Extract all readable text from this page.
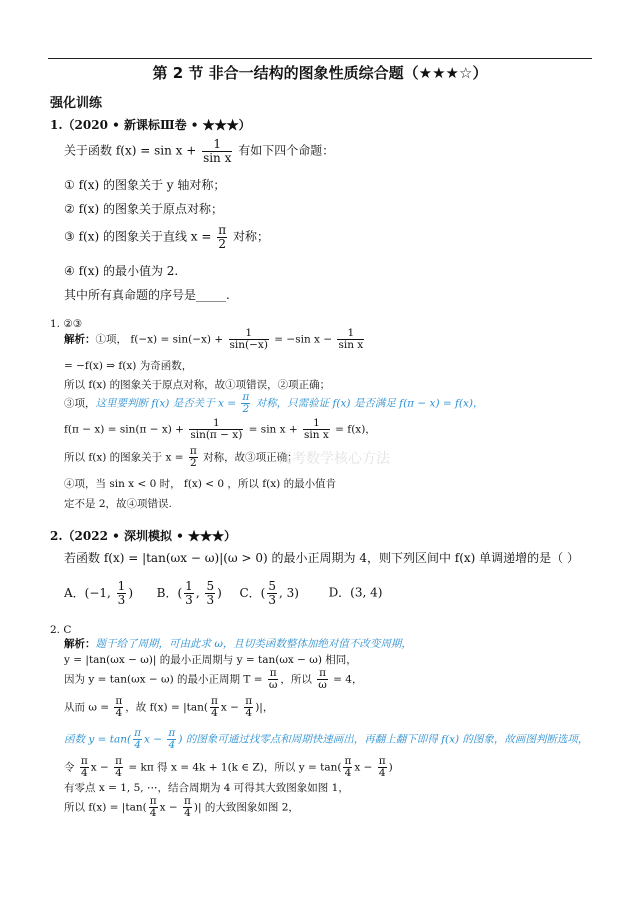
第 2 节 非合一结构的图象性质综合题（★★★☆）
强化训练
1.（2020 • 新课标Ⅲ卷 • ★★★）
关于函数 $f(x) = \sin x + \frac{1}{\text{sin x}}$ 有如下四个命题：
① f(x) 的图象关于 y 轴对称；
② f(x) 的图象关于原点对称；
③ f(x) 的图象关于直线 $x = \frac{\pi}{2}$ 对称；
④ f(x) 的最小值为 2.
其中所有真命题的序号是_____.
1. ②③
解析：①项， $f(-x) = \sin(-x) + \frac{1}{\sin(-x)} = -\sin$ $x - \frac{1}{\text{sin x}}$
= −f(x) ⇒ f(x) 为奇函数，
所以 f(x) 的图象关于原点对称，故①项错误，②项正确；
③项，这里要判断 f(x) 是否关于 $x = \frac{\pi}{2}$ 对称，只需验证 f(x) 是否满足 f(π − x) = f(x)，
$f(\pi - x) = \sin(\pi - x) + \frac{1}{\sin(\pi - x)} = \sin x + \frac{1}{\text{sin x}} = f(x)$，
所以 f(x) 的图象关于 $x = \frac{\pi}{2}$ 对称，故③项正确；
高考数学核心方法
④项，当 sin x < 0 时， f(x) < 0 ，所以 f(x) 的最小值肯
定不是 2，故④项错误.
2.（2022 • 深圳模拟 • ★★★）
若函数 f(x) = |tan(ωx − ω)|(ω > 0) 的最小正周期为 4，则下列区间中 f(x) 单调递增的是（ ）
A．(−1, $\frac{1}{3}$ ) B．( $\frac{1}{3}$ , $\frac{5}{3}$ ) C．( $\frac{5}{3}$ , 3) D．(3, 4)
2. C
解析：题干给了周期，可由此求 ω，且切类函数整体加绝对值不改变周期，
y = |tan(ωx − ω)| 的最小正周期与 y = tan(ωx − ω) 相同，
因为 y = tan(ωx − ω) 的最小正周期 $T = \frac{\pi}{\omega}$ ，所以 $\frac{\pi}{\omega} = 4$，
从而 $\omega = \frac{\pi}{4}$ ，故 $f(x) = |\tan( \frac{\pi}{4}$ $x - \frac{\pi}{4}$ )|，
函数 $y = \tan( \frac{\pi}{4}$ $x - \frac{\pi}{4}$ ) 的图象可通过找零点和周期快速画出，再翻上翻下即得 f(x) 的图象，故画图判断选项，
令 $\frac{\pi}{4}$ $x - \frac{\pi}{4} = k\pi$ 得 x = 4k + 1(k ∈ Z)，所以 $y = \tan( \frac{\pi}{4}$ $x - \frac{\pi}{4}$ )
有零点 x = 1, 5, ⋯，结合周期为 4 可得其大致图象如图 1，
所以 $f(x) = |\tan( \frac{\pi}{4}$ $x - \frac{\pi}{4}$ )| 的大致图象如图 2，
